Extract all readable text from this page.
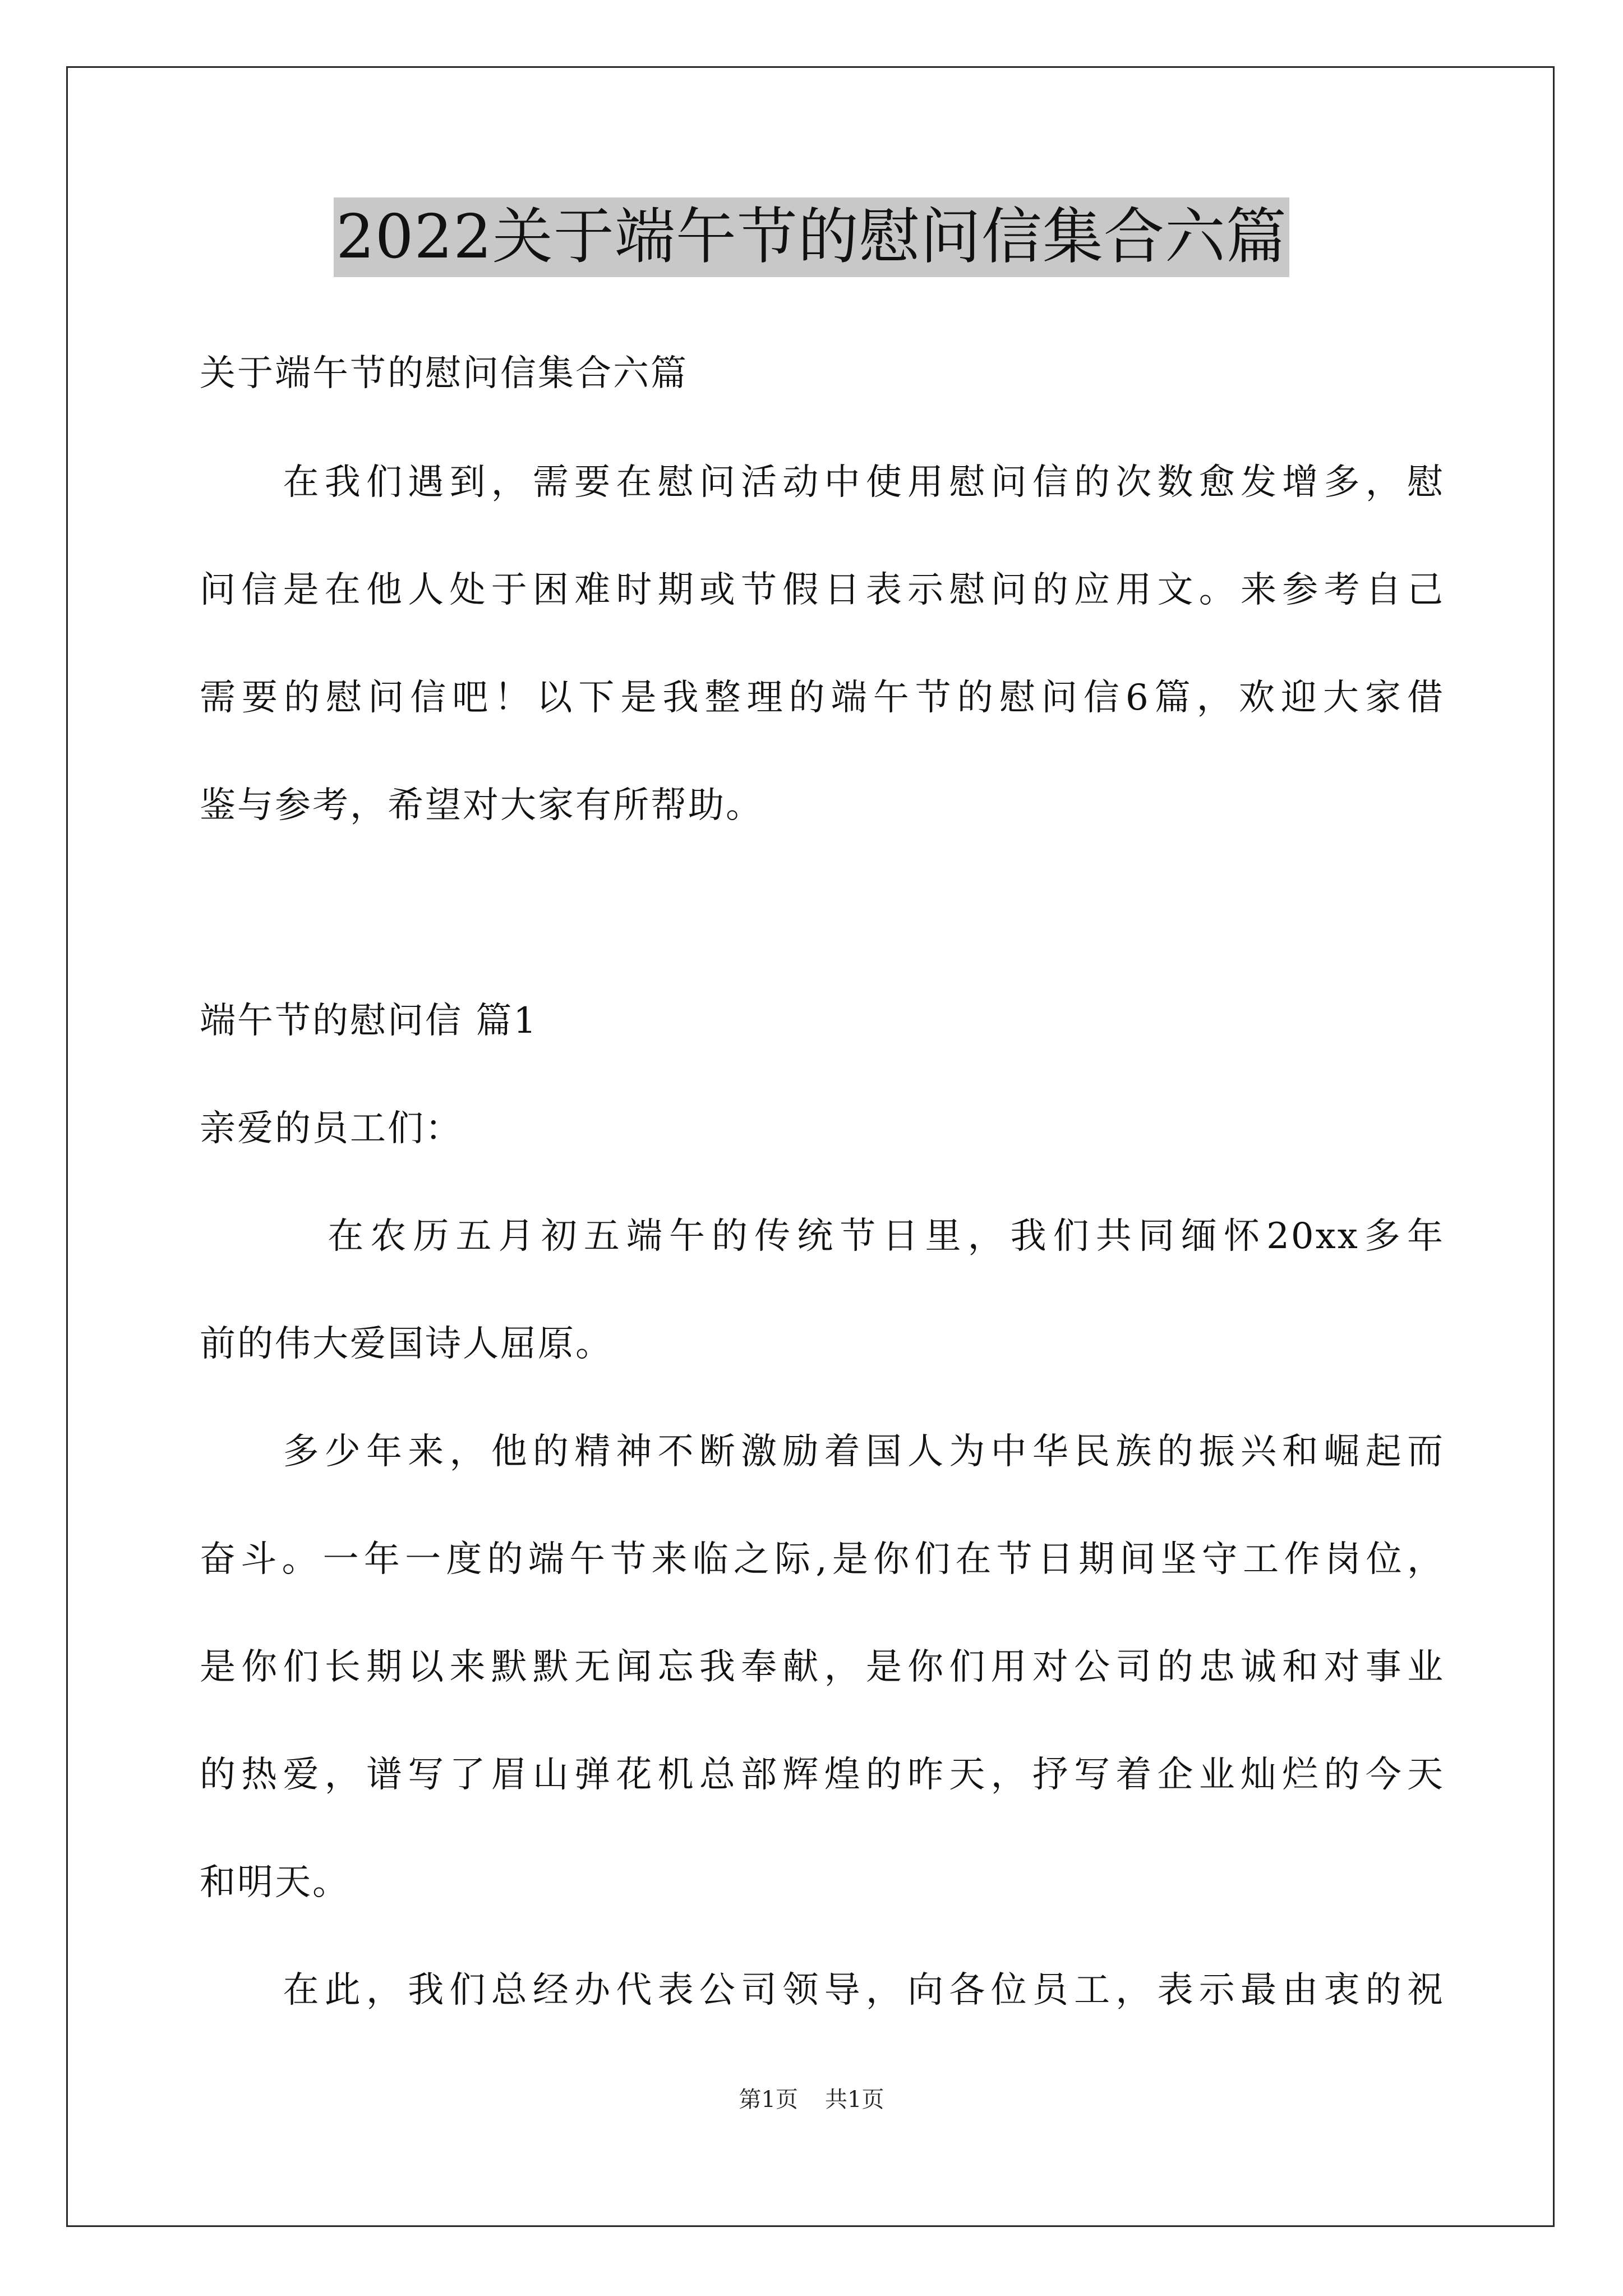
2022关于端午节的慰问信集合六篇
关于端午节的慰问信集合六篇
　　在我们遇到，需要在慰问活动中使用慰问信的次数愈发增多，慰
问信是在他人处于困难时期或节假日表示慰问的应用文。来参考自己
需要的慰问信吧！以下是我整理的端午节的慰问信6篇，欢迎大家借
鉴与参考，希望对大家有所帮助。
端午节的慰问信 篇1
亲爱的员工们：
　　　在农历五月初五端午的传统节日里，我们共同缅怀20xx多年
前的伟大爱国诗人屈原。
　　多少年来，他的精神不断激励着国人为中华民族的振兴和崛起而
奋斗。一年一度的端午节来临之际,是你们在节日期间坚守工作岗位，
是你们长期以来默默无闻忘我奉献，是你们用对公司的忠诚和对事业
的热爱，谱写了眉山弹花机总部辉煌的昨天，抒写着企业灿烂的今天
和明天。
　　在此，我们总经办代表公司领导，向各位员工，表示最由衷的祝
第1页 共1页
